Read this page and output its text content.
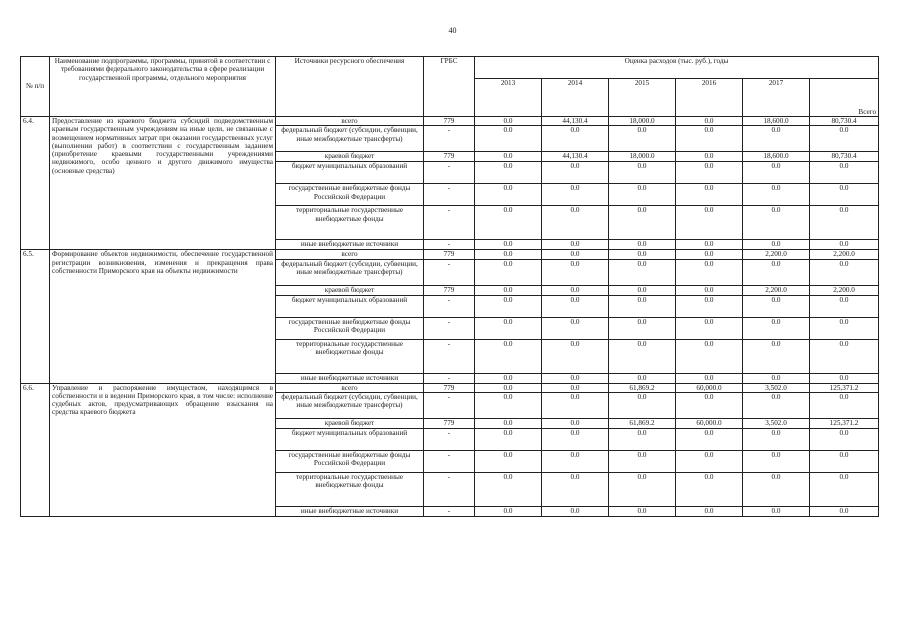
40
№ п/п	Наименование подпрограммы, программы, принятой в соответствии с требованиями федерального законодательства в сфере реализации государственной программы, отдельного мероприятия	Источники ресурсного обеспечения	ГРБС	Оценка расходов (тыс. руб.), годы					
				2013	2014	2015	2016	2017	Всего
6.4.	Предоставление из краевого бюджета субсидий подведомственным краевым государственным учреждениям на иные цели, не связанные с возмещением нормативных затрат при оказании государственных услуг (выполнении работ) в соответствии с государственным заданием (приобретение краевыми государственными учреждениями недвижимого, особо ценного и другого движимого имущества (основные средства)	всего	779	0.0	44,130.4	18,000.0	0.0	18,600.0	80,730.4
		федеральный бюджет (субсидии, субвенции, иные межбюджетные трансферты)	-	0.0	0.0	0.0	0.0	0.0	0.0
		краевой бюджет	779	0.0	44,130.4	18,000.0	0.0	18,600.0	80,730.4
		бюджет муниципальных образований	-	0.0	0.0	0.0	0.0	0.0	0.0
		государственные внебюджетные фонды Российской Федерации	-	0.0	0.0	0.0	0.0	0.0	0.0
		территориальные государственные внебюджетные фонды	-	0.0	0.0	0.0	0.0	0.0	0.0
		иные внебюджетные источники	-	0.0	0.0	0.0	0.0	0.0	0.0
6.5.	Формирование объектов недвижимости, обеспечение государственной регистрации возникновения, изменения и прекращения права собственности Приморского края на объекты недвижимости	всего	779	0.0	0.0	0.0	0.0	2,200.0	2,200.0
		федеральный бюджет (субсидии, субвенции, иные межбюджетные трансферты)	-	0.0	0.0	0.0	0.0	0.0	0.0
		краевой бюджет	779	0.0	0.0	0.0	0.0	2,200.0	2,200.0
		бюджет муниципальных образований	-	0.0	0.0	0.0	0.0	0.0	0.0
		государственные внебюджетные фонды Российской Федерации	-	0.0	0.0	0.0	0.0	0.0	0.0
		территориальные государственные внебюджетные фонды	-	0.0	0.0	0.0	0.0	0.0	0.0
		иные внебюджетные источники	-	0.0	0.0	0.0	0.0	0.0	0.0
6.6.	Управление и распоряжение имуществом, находящимся в собственности и в ведении Приморского края, в том числе: исполнение судебных актов, предусматривающих обращение взыскания на средства краевого бюджета	всего	779	0.0	0.0	61,869.2	60,000.0	3,502.0	125,371.2
		федеральный бюджет (субсидии, субвенции, иные межбюджетные трансферты)	-	0.0	0.0	0.0	0.0	0.0	0.0
		краевой бюджет	779	0.0	0.0	61,869.2	60,000.0	3,502.0	125,371.2
		бюджет муниципальных образований	-	0.0	0.0	0.0	0.0	0.0	0.0
		государственные внебюджетные фонды Российской Федерации	-	0.0	0.0	0.0	0.0	0.0	0.0
		территориальные государственные внебюджетные фонды	-	0.0	0.0	0.0	0.0	0.0	0.0
		иные внебюджетные источники	-	0.0	0.0	0.0	0.0	0.0	0.0
